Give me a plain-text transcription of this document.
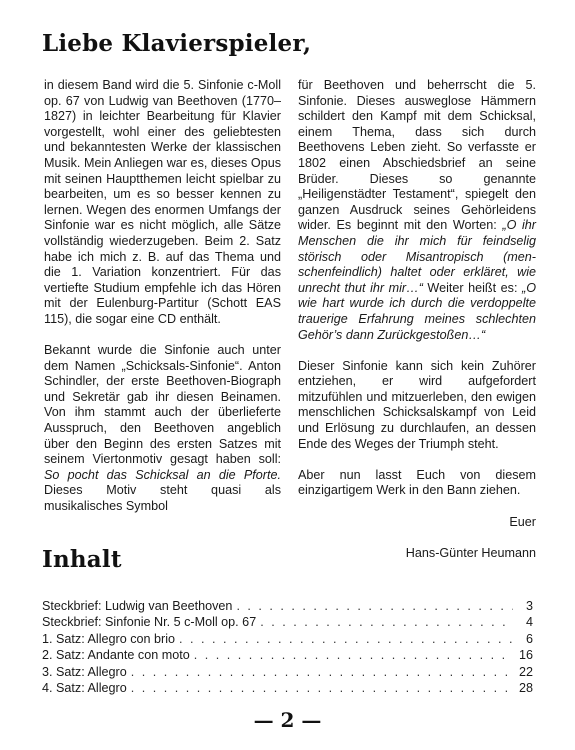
Liebe Klavierspieler,

in diesem Band wird die 5. Sinfonie c-Moll op. 67 von Ludwig van Beethoven (1770–1827) in leichter Bearbeitung für Klavier vorgestellt, wohl einer des geliebtesten und bekanntesten Werke der klassischen Musik. Mein Anliegen war es, dieses Opus mit seinen Hauptthemen leicht spielbar zu bearbeiten, um es so besser kennen zu lernen. Wegen des enormen Umfangs der Sinfonie war es nicht möglich, alle Sätze vollständig wiederzugeben. Beim 2. Satz habe ich mich z. B. auf das Thema und die 1. Variation konzentriert. Für das vertiefte Studium empfehle ich das Hören mit der Eulenburg-Partitur (Schott EAS 115), die sogar eine CD enthält.

Bekannt wurde die Sinfonie auch unter dem Namen „Schicksals-Sinfonie“. Anton Schindler, der erste Beethoven-Biograph und Sekretär gab ihr diesen Beinamen. Von ihm stammt auch der überlieferte Ausspruch, den Beethoven angeblich über den Beginn des ersten Satzes mit seinem Viertonmotiv gesagt haben soll: So pocht das Schicksal an die Pforte. Dieses Motiv steht quasi als musikalisches Symbol

für Beethoven und beherrscht die 5. Sinfonie. Dieses ausweglose Hämmern schildert den Kampf mit dem Schicksal, einem Thema, dass sich durch Beethovens Leben zieht. So verfasste er 1802 einen Abschiedsbrief an seine Brüder. Dieses so genannte „Heiligenstädter Testament“, spiegelt den ganzen Ausdruck seines Gehörleidens wider. Es beginnt mit den Worten: „O ihr Menschen die ihr mich für feindselig störisch oder Misantropisch (menschenfeindlich) haltet oder erkläret, wie unrecht thut ihr mir…“ Weiter heißt es: „O wie hart wurde ich durch die verdoppelte trauerige Erfahrung meines schlechten Gehör’s dann Zurückgestoßen…“

Dieser Sinfonie kann sich kein Zuhörer entziehen, er wird aufgefordert mitzufühlen und mitzuerleben, den ewigen menschlichen Schicksalskampf von Leid und Erlösung zu durchlaufen, an dessen Ende des Weges der Triumph steht.

Aber nun lasst Euch von diesem einzigartigem Werk in den Bann ziehen.

Euer

Hans-Günter Heumann

Inhalt
Steckbrief: Ludwig van Beethoven . . .	3
Steckbrief: Sinfonie Nr. 5 c-Moll op. 67 . . .	4
1. Satz: Allegro con brio . . .	6
2. Satz: Andante con moto . . .	16
3. Satz: Allegro . . .	22
4. Satz: Allegro . . .	28
— 2 —
